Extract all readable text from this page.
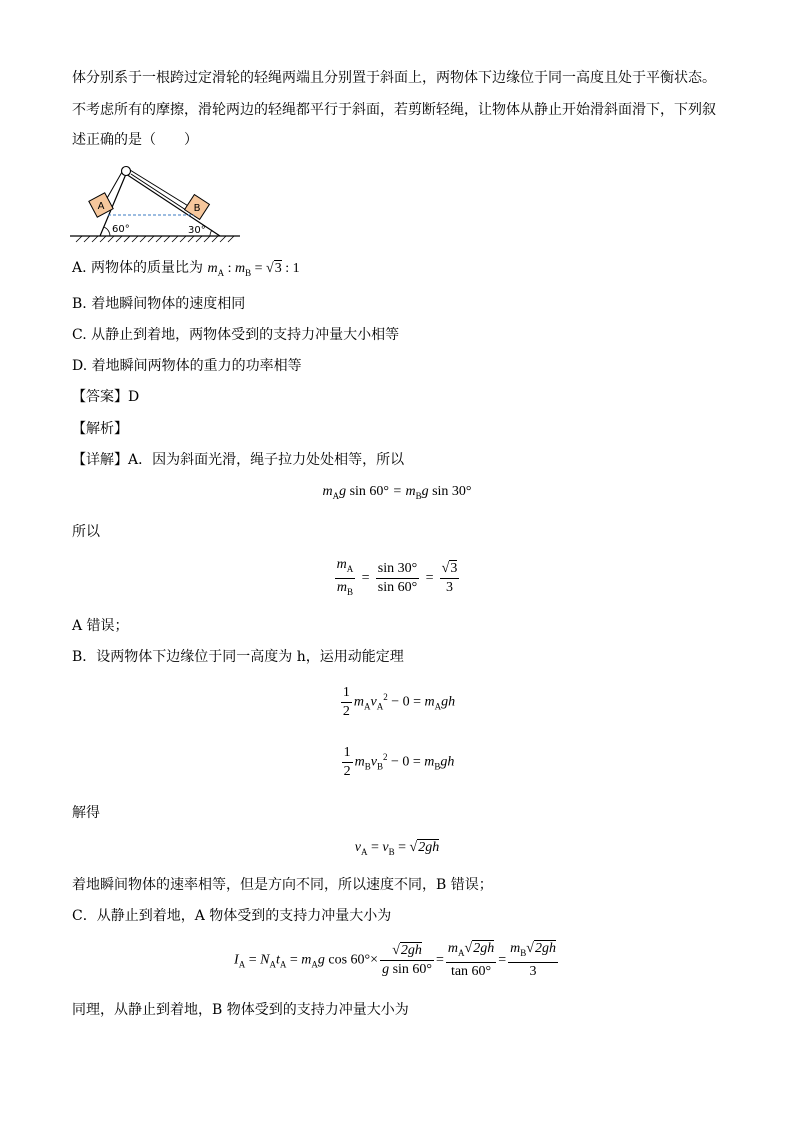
体分别系于一根跨过定滑轮的轻绳两端且分别置于斜面上，两物体下边缘位于同一高度且处于平衡状态。
不考虑所有的摩擦，滑轮两边的轻绳都平行于斜面，若剪断轻绳，让物体从静止开始滑斜面滑下，下列叙
述正确的是（　　）
A	B
60°	30°
A. 两物体的质量比为 $m_A$ : $m_B = √3$ : 1
B. 着地瞬间物体的速度相同
C. 从静止到着地，两物体受到的支持力冲量大小相等
D. 着地瞬间两物体的重力的功率相等
【答案】D
【解析】
【详解】A．因为斜面光滑，绳子拉力处处相等，所以
$m_Ag$ $\sin 60^\circ = m_Bg$ sin 30°
所以
$\frac{m_A}{m_B} = \frac{\sin 30^\circ}{\sin 60^\circ} = \frac{√3}{3}$
A 错误；
B．设两物体下边缘位于同一高度为 h，运用动能定理
$\frac{1}{2} m_Av_A^2 - 0 = m_Agh$
$\frac{1}{2} m_Bv_B^2 - 0 = m_Bgh$
解得
$v_A = v_B = √2gh$
着地瞬间物体的速率相等，但是方向不同，所以速度不同，B 错误；
C．从静止到着地，A 物体受到的支持力冲量大小为
$I_A = N_At_A = m_Ag$ $\cos 60^\circ\times \frac{√2gh}{\text{g sin 60°}} = \frac{m_A√2gh}{\tan 60^\circ} = \frac{m_B√2gh}{3}$
同理，从静止到着地，B 物体受到的支持力冲量大小为
